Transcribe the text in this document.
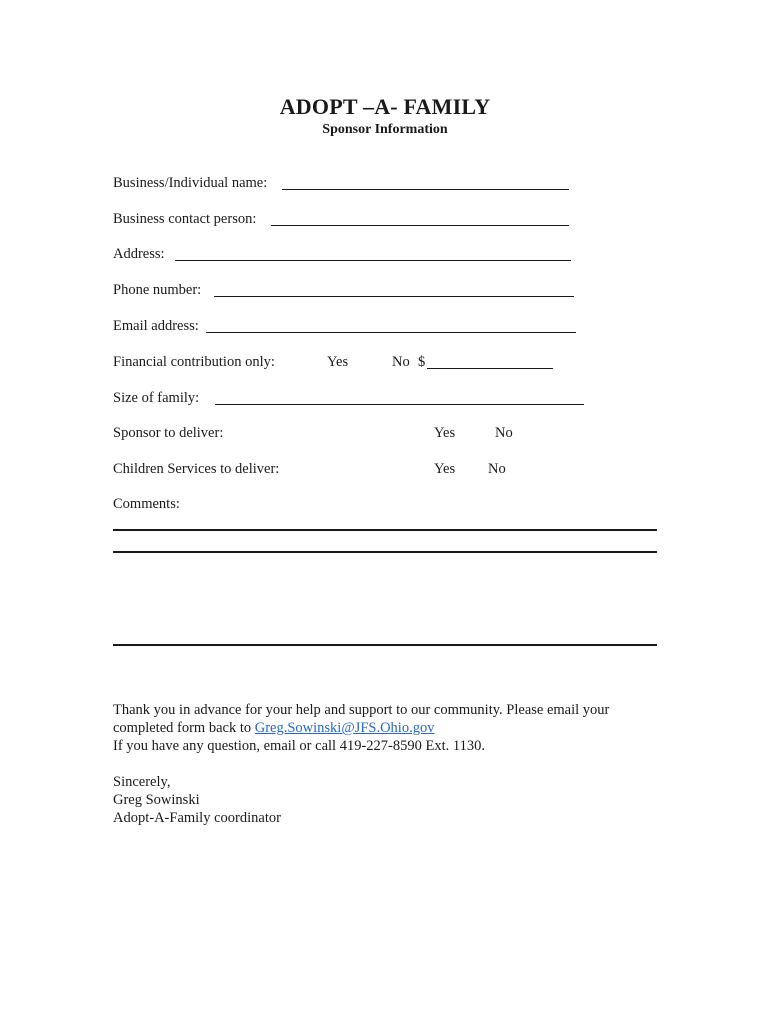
ADOPT –A- FAMILY
Sponsor Information
Business/Individual name:
Business contact person:
Address:
Phone number:
Email address:
Financial contribution only:	Yes	No $
Size of family:
Sponsor to deliver:	Yes	No
Children Services to deliver:	Yes No
Comments:
Thank you in advance for your help and support to our community. Please email your
completed form back to Greg.Sowinski@JFS.Ohio.gov
If you have any question, email or call 419-227-8590 Ext. 1130.
Sincerely,
Greg Sowinski
Adopt-A-Family coordinator
